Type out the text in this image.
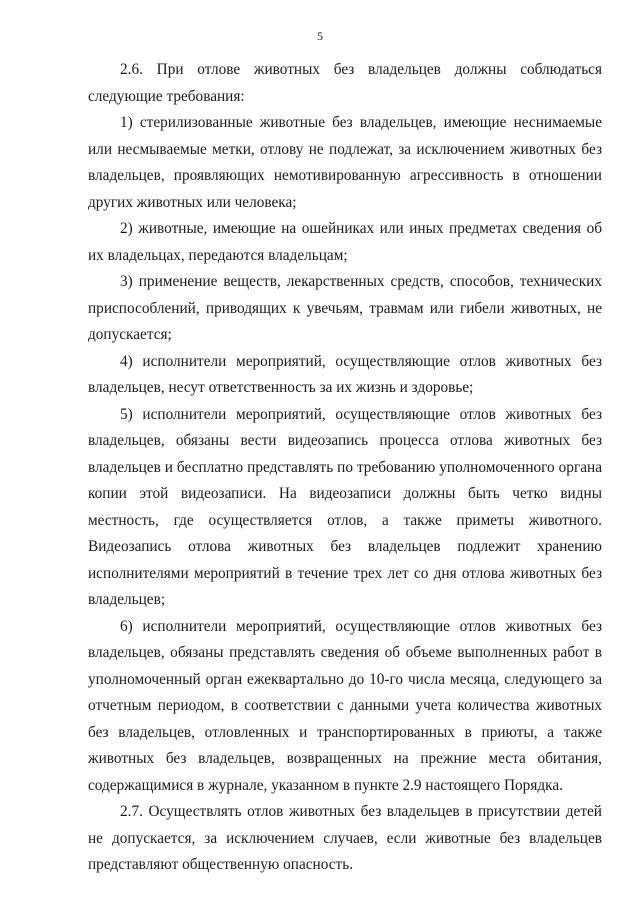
5

2.6. При отлове животных без владельцев должны соблюдаться следующие требования:

1) стерилизованные животные без владельцев, имеющие неснимаемые или несмываемые метки, отлову не подлежат, за исключением животных без владельцев, проявляющих немотивированную агрессивность в отношении других животных или человека;

2) животные, имеющие на ошейниках или иных предметах сведения об их владельцах, передаются владельцам;

3) применение веществ, лекарственных средств, способов, технических приспособлений, приводящих к увечьям, травмам или гибели животных, не допускается;

4) исполнители мероприятий, осуществляющие отлов животных без владельцев, несут ответственность за их жизнь и здоровье;

5) исполнители мероприятий, осуществляющие отлов животных без владельцев, обязаны вести видеозапись процесса отлова животных без владельцев и бесплатно представлять по требованию уполномоченного органа копии этой видеозаписи. На видеозаписи должны быть четко видны местность, где осуществляется отлов, а также приметы животного. Видеозапись отлова животных без владельцев подлежит хранению исполнителями мероприятий в течение трех лет со дня отлова животных без владельцев;

6) исполнители мероприятий, осуществляющие отлов животных без владельцев, обязаны представлять сведения об объеме выполненных работ в уполномоченный орган ежеквартально до 10-го числа месяца, следующего за отчетным периодом, в соответствии с данными учета количества животных без владельцев, отловленных и транспортированных в приюты, а также животных без владельцев, возвращенных на прежние места обитания, содержащимися в журнале, указанном в пункте 2.9 настоящего Порядка.

2.7. Осуществлять отлов животных без владельцев в присутствии детей не допускается, за исключением случаев, если животные без владельцев представляют общественную опасность.
